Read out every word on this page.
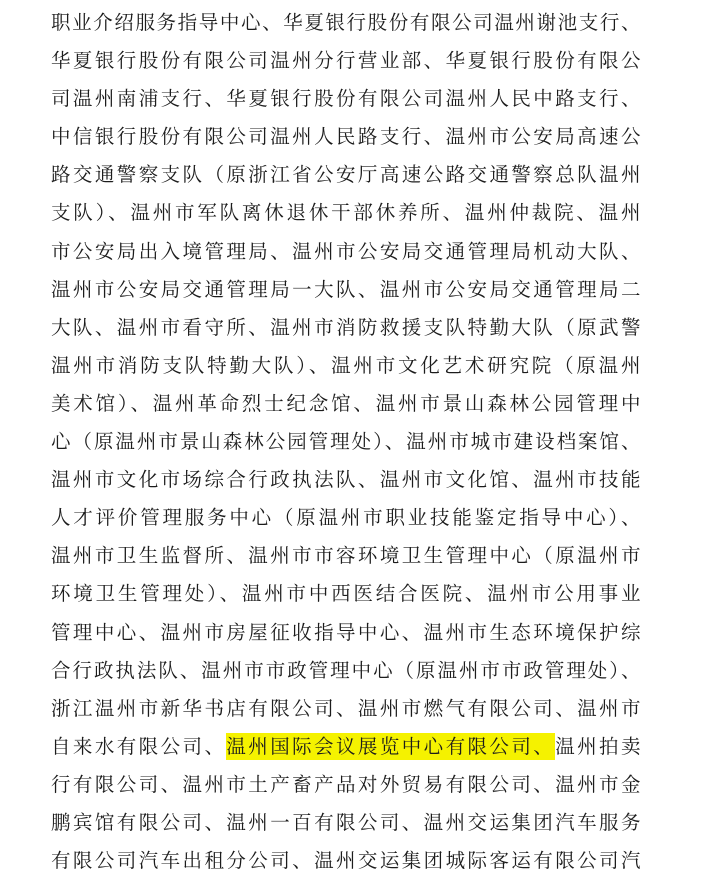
职业介绍服务指导中心、华夏银行股份有限公司温州谢池支行、
华夏银行股份有限公司温州分行营业部、华夏银行股份有限公
司温州南浦支行、华夏银行股份有限公司温州人民中路支行、
中信银行股份有限公司温州人民路支行、温州市公安局高速公
路交通警察支队（原浙江省公安厅高速公路交通警察总队温州
支队）、温州市军队离休退休干部休养所、温州仲裁院、温州
市公安局出入境管理局、温州市公安局交通管理局机动大队、
温州市公安局交通管理局一大队、温州市公安局交通管理局二
大队、温州市看守所、温州市消防救援支队特勤大队（原武警
温州市消防支队特勤大队）、温州市文化艺术研究院（原温州
美术馆）、温州革命烈士纪念馆、温州市景山森林公园管理中
心（原温州市景山森林公园管理处）、温州市城市建设档案馆、
温州市文化市场综合行政执法队、温州市文化馆、温州市技能
人才评价管理服务中心（原温州市职业技能鉴定指导中心）、
温州市卫生监督所、温州市市容环境卫生管理中心（原温州市
环境卫生管理处）、温州市中西医结合医院、温州市公用事业
管理中心、温州市房屋征收指导中心、温州市生态环境保护综
合行政执法队、温州市市政管理中心（原温州市市政管理处）、
浙江温州市新华书店有限公司、温州市燃气有限公司、温州市
自来水有限公司、温州国际会议展览中心有限公司、温州拍卖
行有限公司、温州市土产畜产品对外贸易有限公司、温州市金
鹏宾馆有限公司、温州一百有限公司、温州交运集团汽车服务
有限公司汽车出租分公司、温州交运集团城际客运有限公司汽
